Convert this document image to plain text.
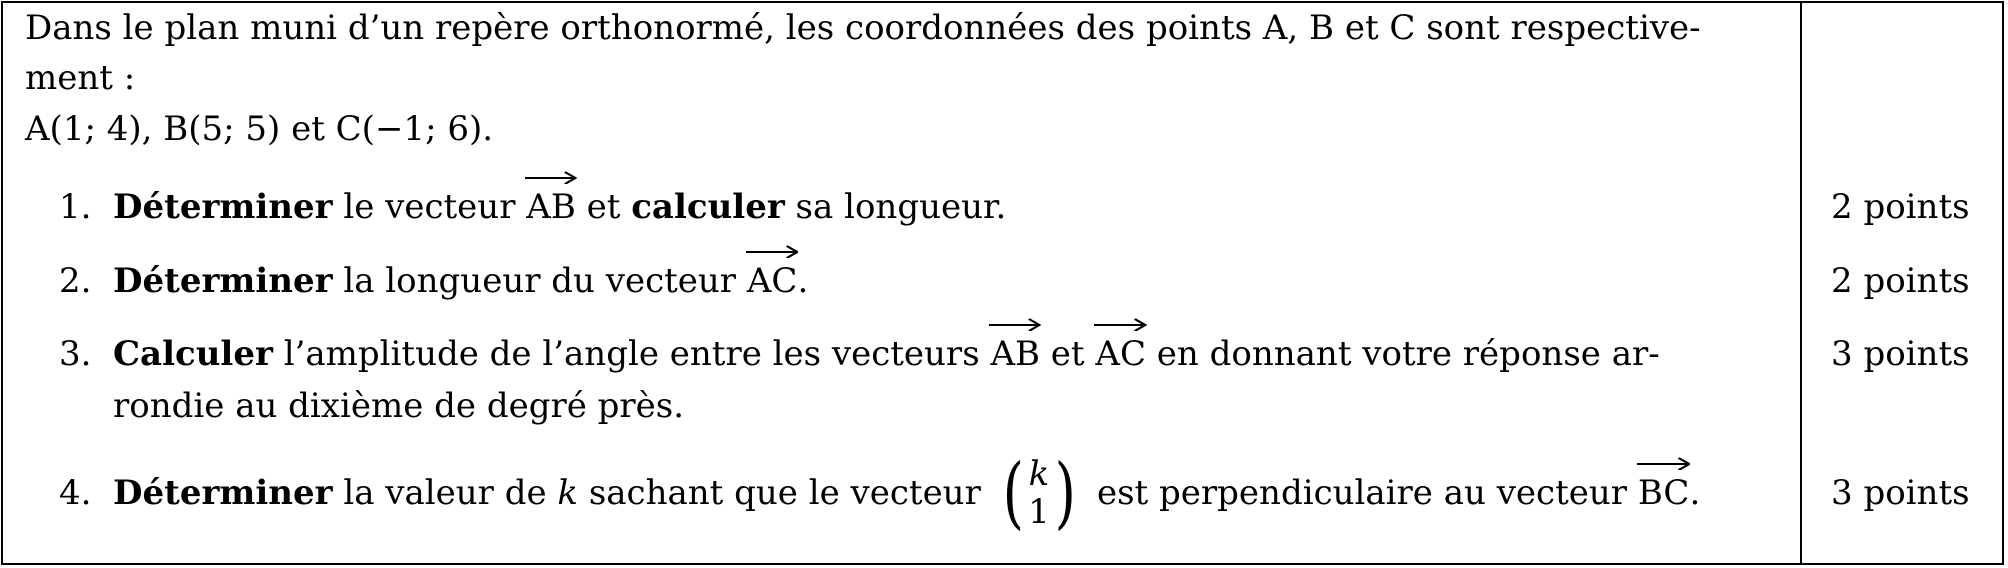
Dans le plan muni d’un repère orthonormé, les coordonnées des points A, B et C sont respective-
ment :
A(1; 4), B(5; 5) et C(−1; 6).
1. Déterminer le vecteur
AB et calculer sa longueur.	2 points
2. Déterminer la longueur du vecteur
AC.	2 points
3. Calculer l’amplitude de l’angle entre les vecteurs
AB et
AC en donnant votre réponse ar-
rondie au dixième de degré près.
3 points
4. Déterminer la valeur de k sachant que le vecteur ( k
1 ) est perpendiculaire au vecteur BC .	3 points
